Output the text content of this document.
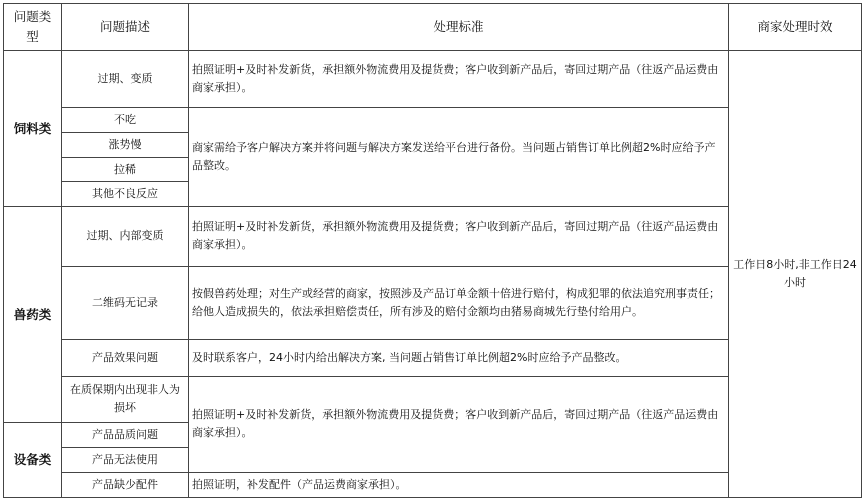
问题类型	问题描述	处理标准	商家处理时效
饲料类	过期、变质	拍照证明+及时补发新货，承担额外物流费用及提货费；客户收到新产品后，寄回过期产品（往返产品运费由商家承担）。	工作日8小时,非工作日24小时
	不吃	商家需给予客户解决方案并将问题与解决方案发送给平台进行备份。当问题占销售订单比例超2%时应给予产品整改。	
	涨势慢		
	拉稀		
	其他不良反应		
兽药类	过期、内部变质	拍照证明+及时补发新货，承担额外物流费用及提货费；客户收到新产品后，寄回过期产品（往返产品运费由商家承担）。	
	二维码无记录	按假兽药处理；对生产或经营的商家，按照涉及产品订单金额十倍进行赔付，构成犯罪的依法追究刑事责任；给他人造成损失的，依法承担赔偿责任，所有涉及的赔付金额均由猪易商城先行垫付给用户。	
	产品效果问题	及时联系客户，24小时内给出解决方案, 当问题占销售订单比例超2%时应给予产品整改。	
	在质保期内出现非人为损坏	拍照证明+及时补发新货，承担额外物流费用及提货费；客户收到新产品后，寄回过期产品（往返产品运费由商家承担）。	
设备类	产品品质问题		
	产品无法使用		
	产品缺少配件	拍照证明，补发配件（产品运费商家承担）。	
